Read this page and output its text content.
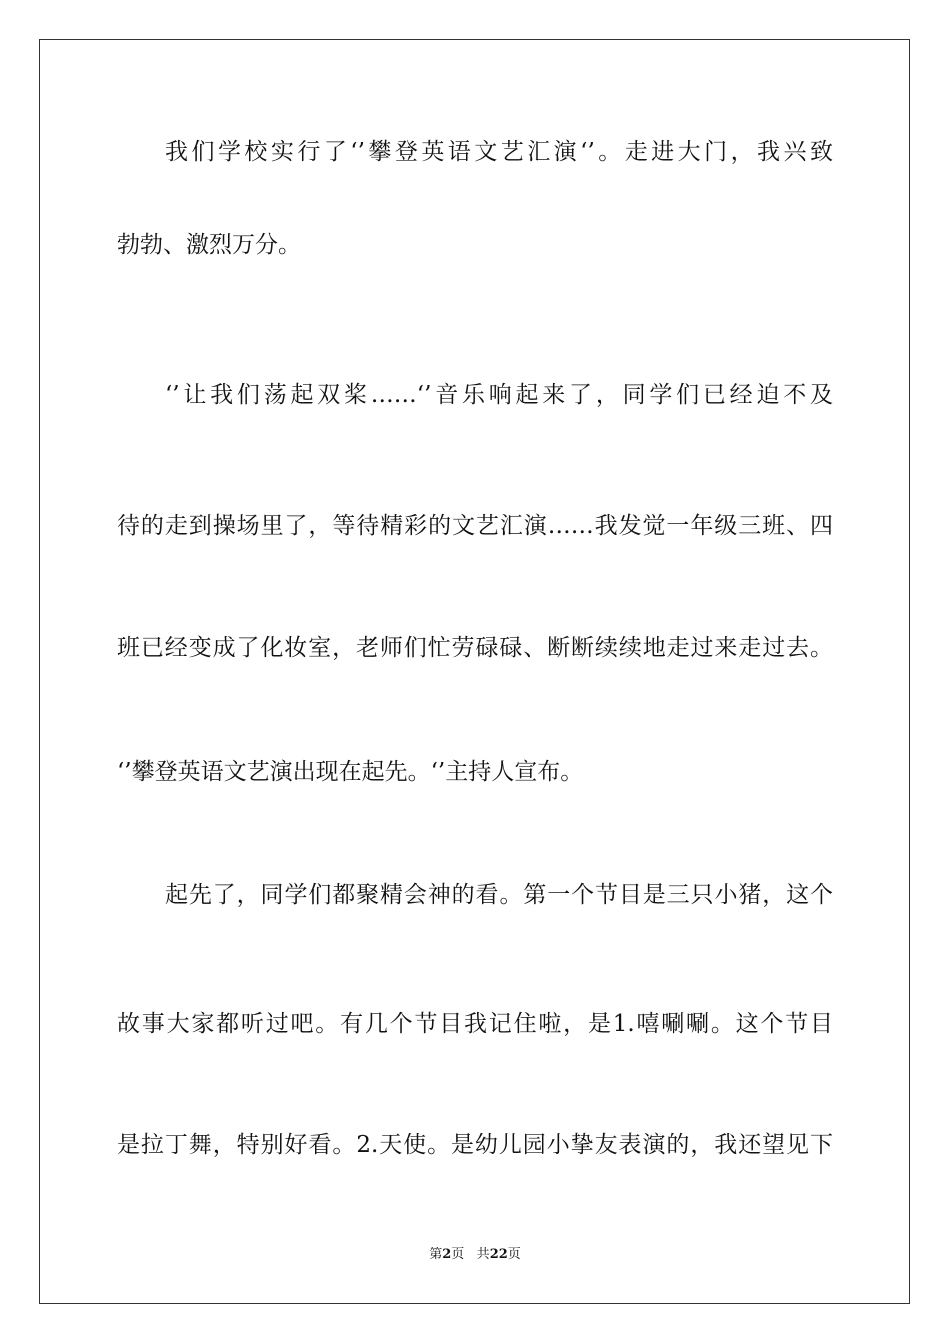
我们学校实行了‘’攀登英语文艺汇演‘’。走进大门，我兴致
勃勃、激烈万分。
‘’让我们荡起双桨……‘’音乐响起来了，同学们已经迫不及
待的走到操场里了，等待精彩的文艺汇演……我发觉一年级三班、四
班已经变成了化妆室，老师们忙劳碌碌、断断续续地走过来走过去。
‘’攀登英语文艺演出现在起先。‘’主持人宣布。
起先了，同学们都聚精会神的看。第一个节目是三只小猪，这个
故事大家都听过吧。有几个节目我记住啦，是1.嘻唰唰。这个节目
是拉丁舞，特别好看。2.天使。是幼儿园小挚友表演的，我还望见下
第2页 共22页
